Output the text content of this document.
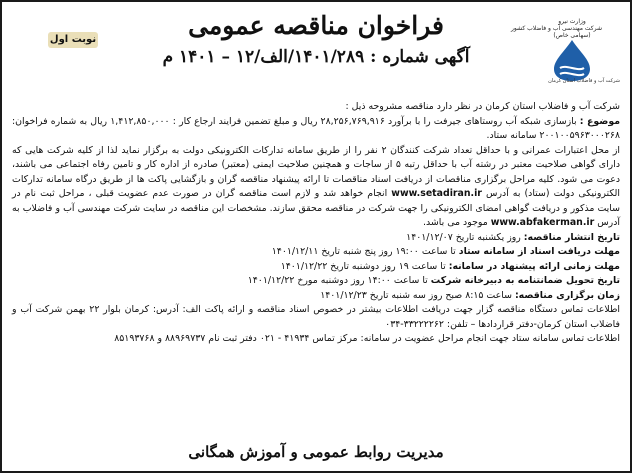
وزارت نیرو
شرکت مهندسی آب و فاضلاب کشور
(سهامی خاص)
شرکت آب و فاضلاب استان کرمان
نوبت اول	فراخوان مناقصه عمومی
آگهی شماره : ۱۴۰۱/۲۸۹/الف/۱۲ – ۱۴۰۱ م

شرکت آب و فاضلاب استان کرمان در نظر دارد مناقصه مشروحه ذیل :

موضوع : بازسازی شبکه آب روستاهای جیرفت را با برآورد ۲۸,۲۵۶,۷۶۹,۹۱۶ ریال و مبلغ تضمین فرایند ارجاع کار : ۱,۴۱۲,۸۵۰,۰۰۰ ریال به شماره فراخوان: ۲۰۰۱۰۰۵۹۶۳۰۰۰۲۶۸ سامانه ستاد.

از محل اعتبارات عمرانی و با حداقل تعداد شرکت کنندگان ۲ نفر را از طریق سامانه تدارکات الکترونیکی دولت به برگزار نماید لذا از کلیه شرکت هایی که دارای گواهی صلاحیت معتبر در رشته آب با حداقل رتبه ۵ از ساجات و همچنین صلاحیت ایمنی (معتبر) صادره از اداره کار و تامین رفاه اجتماعی می باشند، دعوت می شود. کلیه مراحل برگزاری مناقصات از دریافت اسناد مناقصات تا ارائه پیشنهاد مناقصه گران و بازگشایی پاکت ها از طریق درگاه سامانه تدارکات الکترونیکی دولت (ستاد) به آدرس www.setadiran.ir انجام خواهد شد و لازم است مناقصه گران در صورت عدم عضویت قبلی ، مراحل ثبت نام در سایت مذکور و دریافت گواهی امضای الکترونیکی را جهت شرکت در مناقصه محقق سازند. مشخصات این مناقصه در سایت شرکت مهندسی آب و فاضلاب به آدرس www.abfakerman.ir موجود می باشد.

تاریخ انتشار مناقصه: روز یکشنبه تاریخ ۱۴۰۱/۱۲/۰۷

مهلت دریافت اسناد از سامانه ستاد تا ساعت ۱۹:۰۰ روز پنج شنبه تاریخ ۱۴۰۱/۱۲/۱۱

مهلت زمانی ارائه پیشنهاد در سامانه: تا ساعت ۱۹ روز دوشنبه تاریخ ۱۴۰۱/۱۲/۲۲

تاریخ تحویل ضمانتنامه به دبیرخانه شرکت تا ساعت ۱۴:۰۰ روز دوشنبه مورخ ۱۴۰۱/۱۲/۲۲

زمان برگزاری مناقصه: ساعت ۸:۱۵ صبح روز سه شنبه تاریخ ۱۴۰۱/۱۲/۲۳

اطلاعات تماس دستگاه مناقصه گزار جهت دریافت اطلاعات بیشتر در خصوص اسناد مناقصه و ارائه پاکت الف: آدرس: کرمان بلوار ۲۲ بهمن شرکت آب و فاضلاب استان کرمان-دفتر قراردادها – تلفن: ۳۳۲۲۲۲۶۲-۰۳۴

اطلاعات تماس سامانه ستاد جهت انجام مراحل عضویت در سامانه: مرکز تماس ۴۱۹۳۴ - ۰۲۱ دفتر ثبت نام ۸۸۹۶۹۷۳۷ و ۸۵۱۹۳۷۶۸

مدیریت روابط عمومی و آموزش همگانی
